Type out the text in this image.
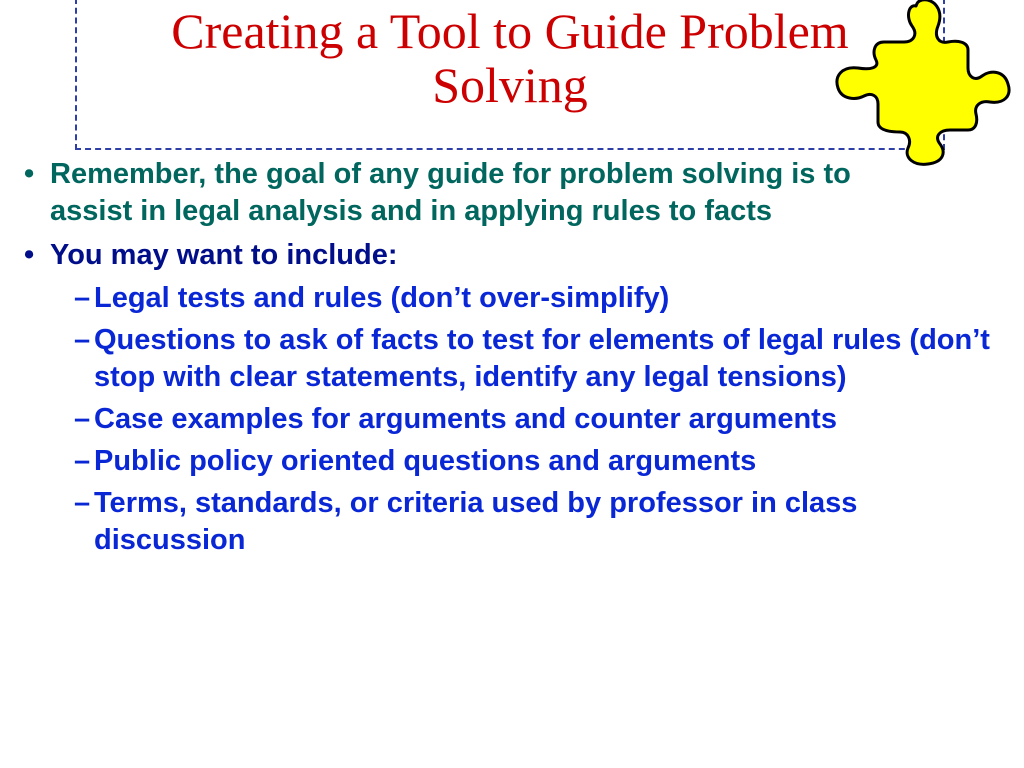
Creating a Tool to Guide Problem
Solving

• Remember, the goal of any guide for problem solving is to assist in legal analysis and in applying rules to facts

• You may want to include:

– Legal tests and rules (don’t over-simplify)
– Questions to ask of facts to test for elements of legal rules (don’t stop with clear statements, identify any legal tensions)
– Case examples for arguments and counter arguments
– Public policy oriented questions and arguments
– Terms, standards, or criteria used by professor in class discussion
